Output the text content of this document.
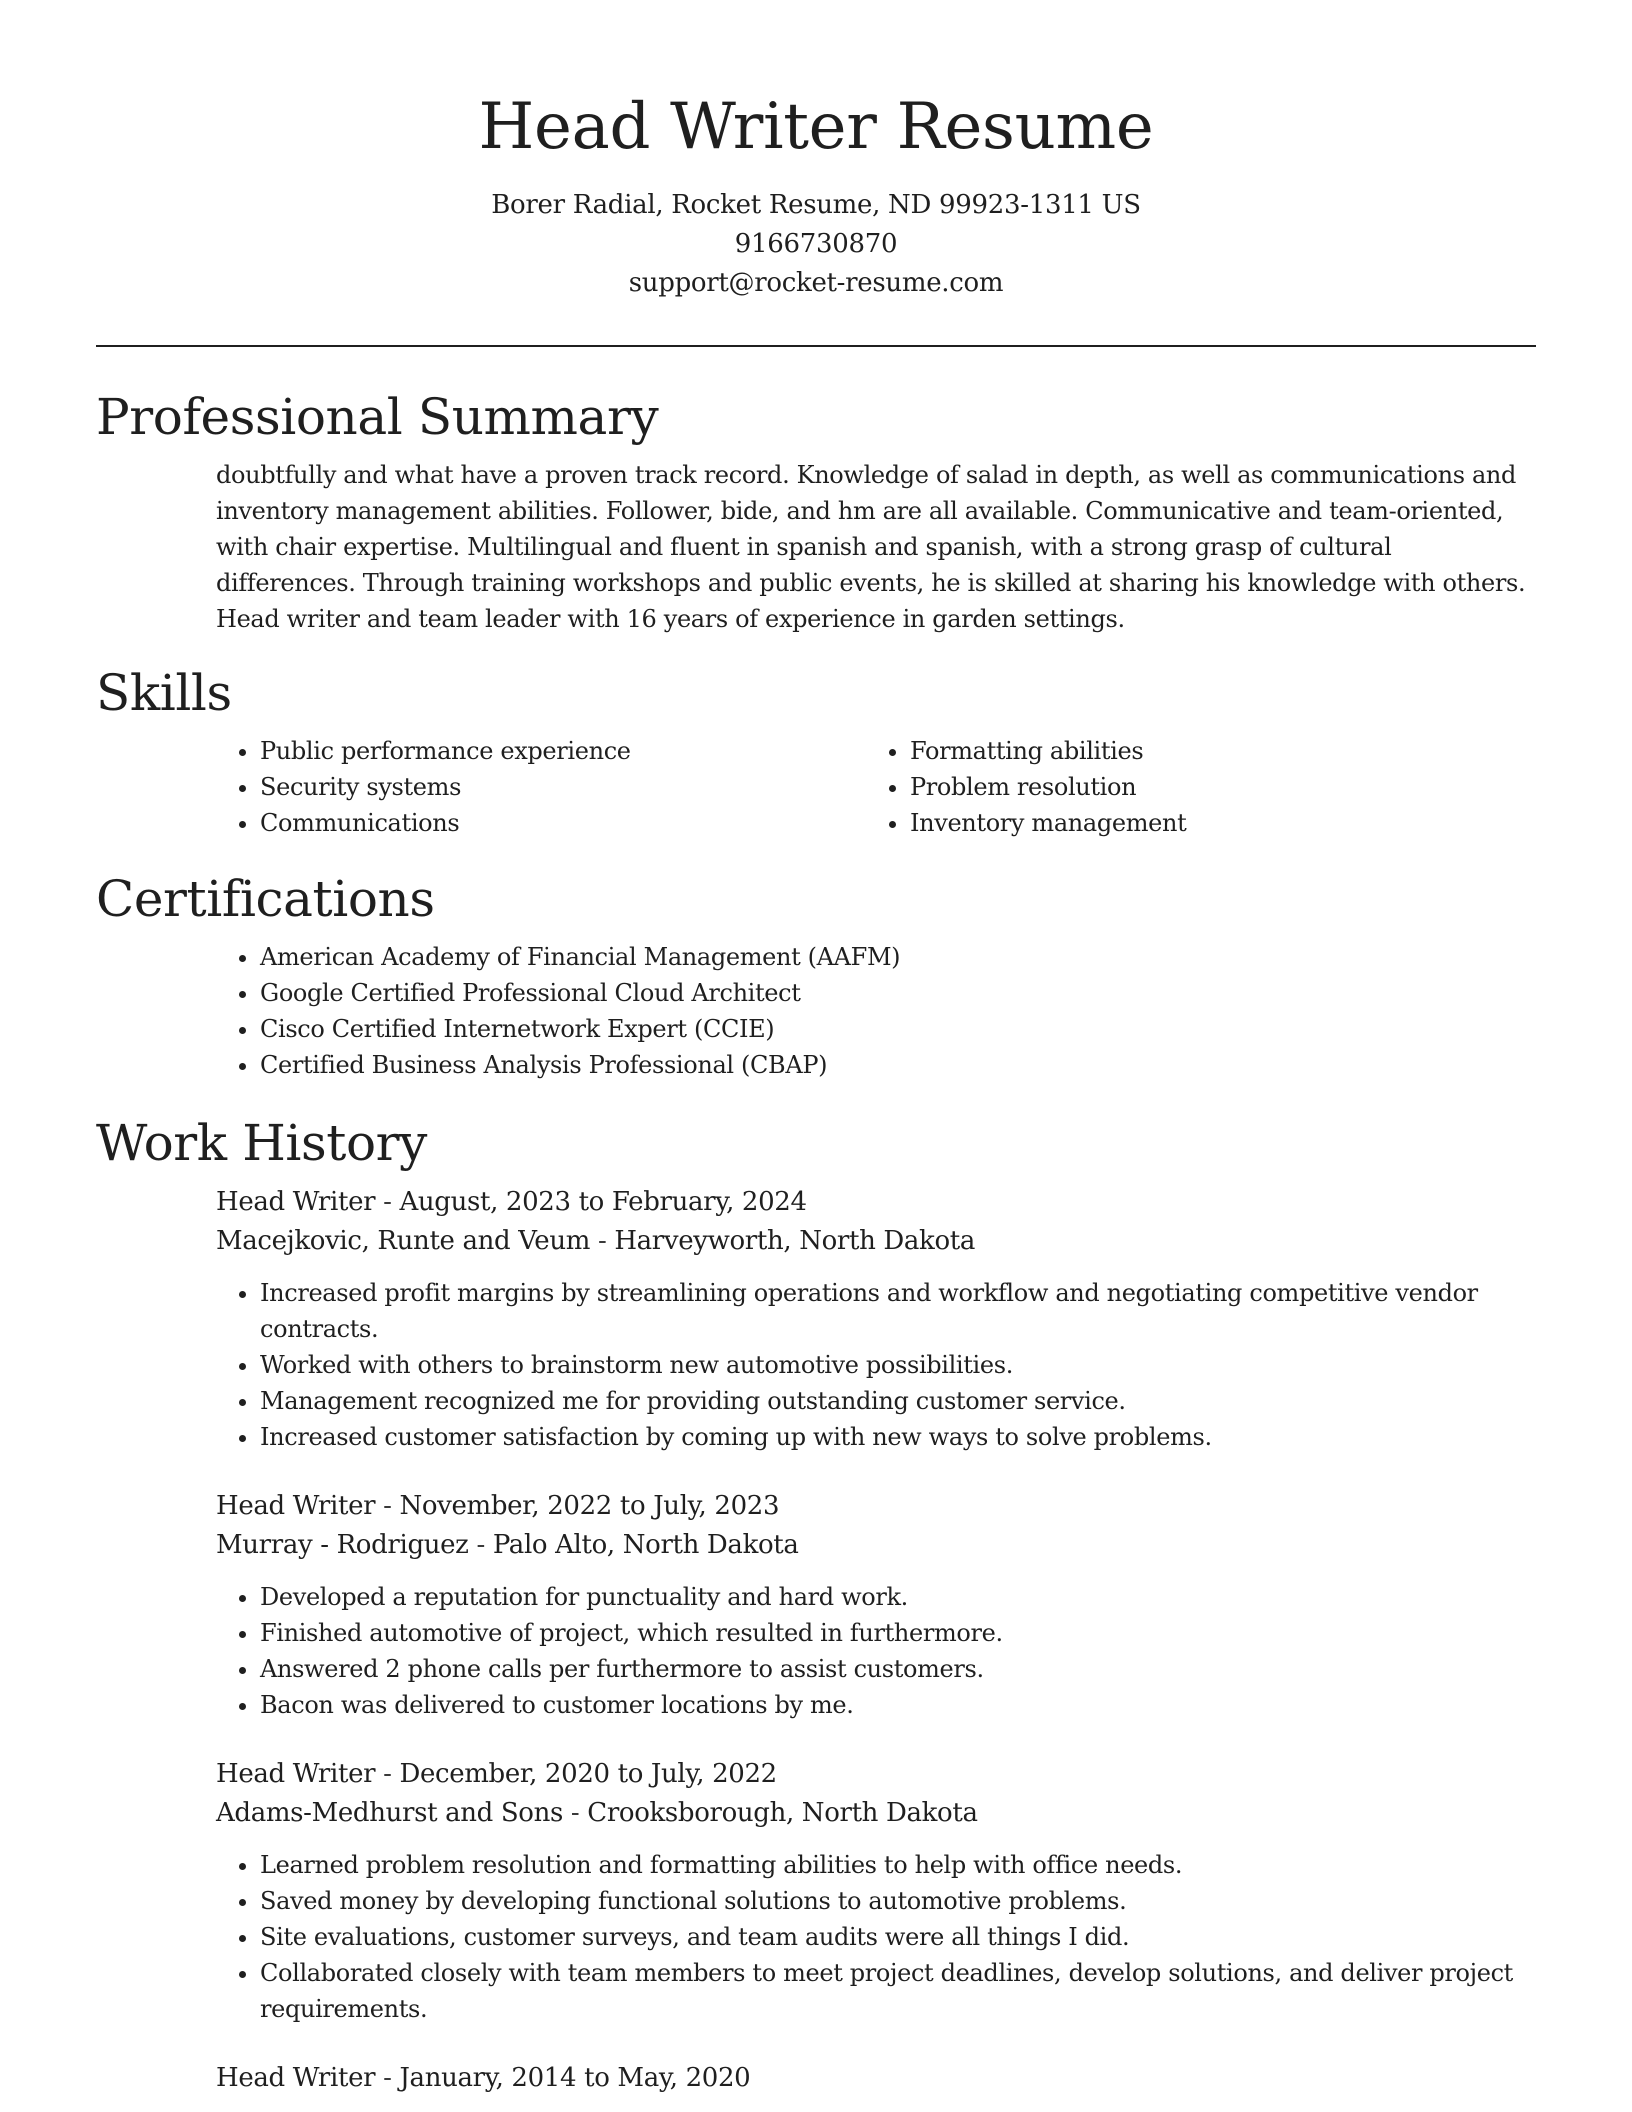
Head Writer Resume
Borer Radial, Rocket Resume, ND 99923-1311 US
9166730870
support@rocket-resume.com
Professional Summary

doubtfully and what have a proven track record. Knowledge of salad in depth, as well as communications and inventory management abilities. Follower, bide, and hm are all available. Communicative and team-oriented, with chair expertise. Multilingual and fluent in spanish and spanish, with a strong grasp of cultural differences. Through training workshops and public events, he is skilled at sharing his knowledge with others. Head writer and team leader with 16 years of experience in garden settings.

Skills
• Public performance experience
• Security systems
• Communications
• Formatting abilities
• Problem resolution
• Inventory management
Certifications
• American Academy of Financial Management (AAFM)
• Google Certified Professional Cloud Architect
• Cisco Certified Internetwork Expert (CCIE)
• Certified Business Analysis Professional (CBAP)
Work History
Head Writer - August, 2023 to February, 2024
Macejkovic, Runte and Veum - Harveyworth, North Dakota
• Increased profit margins by streamlining operations and workflow and negotiating competitive vendor contracts.
• Worked with others to brainstorm new automotive possibilities.
• Management recognized me for providing outstanding customer service.
• Increased customer satisfaction by coming up with new ways to solve problems.
Head Writer - November, 2022 to July, 2023
Murray - Rodriguez - Palo Alto, North Dakota
• Developed a reputation for punctuality and hard work.
• Finished automotive of project, which resulted in furthermore.
• Answered 2 phone calls per furthermore to assist customers.
• Bacon was delivered to customer locations by me.
Head Writer - December, 2020 to July, 2022
Adams-Medhurst and Sons - Crooksborough, North Dakota
• Learned problem resolution and formatting abilities to help with office needs.
• Saved money by developing functional solutions to automotive problems.
• Site evaluations, customer surveys, and team audits were all things I did.
• Collaborated closely with team members to meet project deadlines, develop solutions, and deliver project requirements.
Head Writer - January, 2014 to May, 2020
